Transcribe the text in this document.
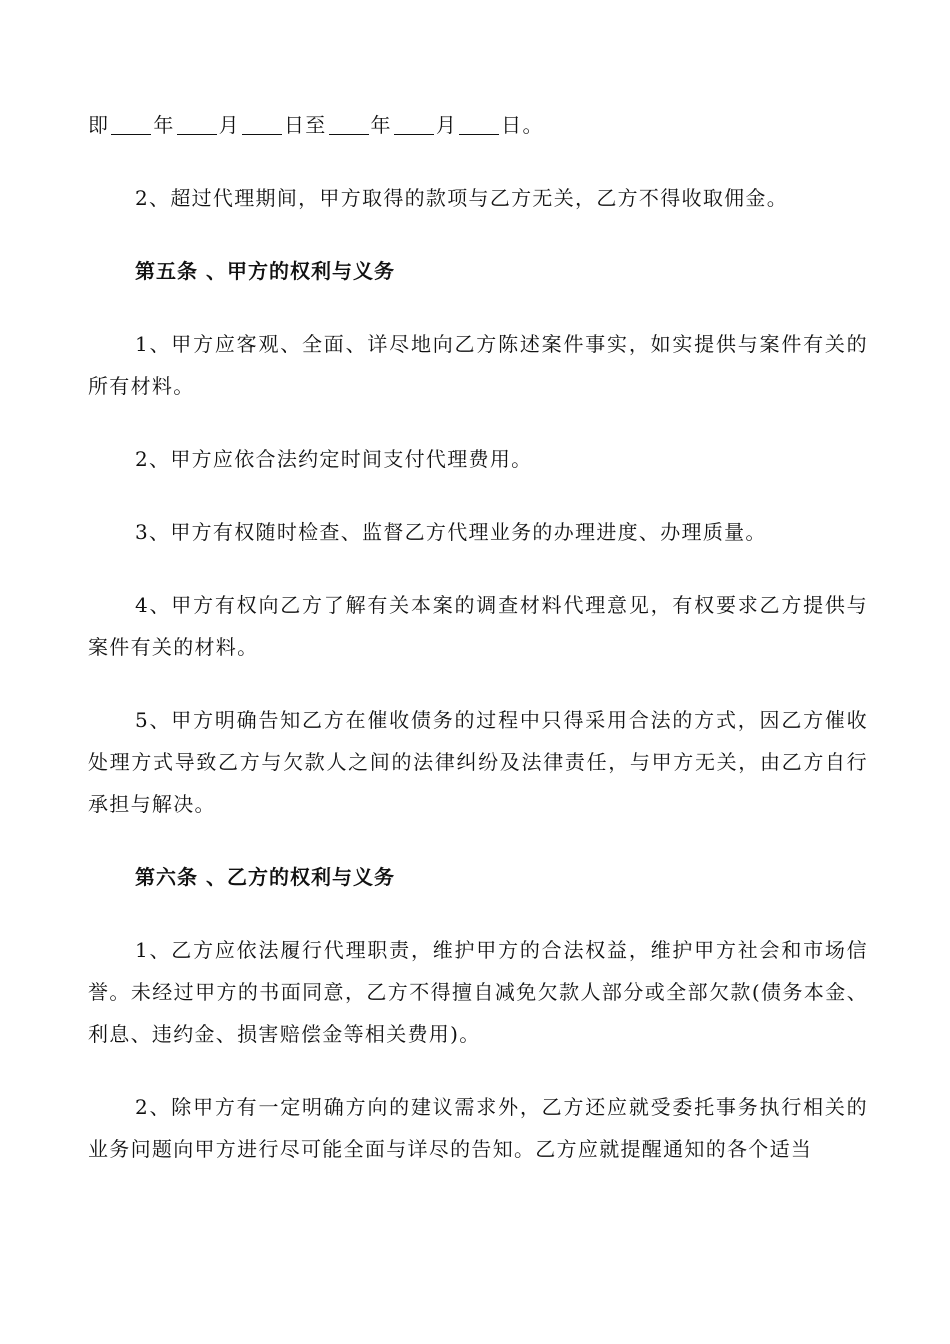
即 年 月 日至 年 月 日。

2、超过代理期间，甲方取得的款项与乙方无关，乙方不得收取佣金。

第五条 、甲方的权利与义务

1、甲方应客观、全面、详尽地向乙方陈述案件事实，如实提供与案件有关的所有材料。

2、甲方应依合法约定时间支付代理费用。

3、甲方有权随时检查、监督乙方代理业务的办理进度、办理质量。

4、甲方有权向乙方了解有关本案的调查材料代理意见，有权要求乙方提供与案件有关的材料。

5、甲方明确告知乙方在催收债务的过程中只得采用合法的方式，因乙方催收处理方式导致乙方与欠款人之间的法律纠纷及法律责任，与甲方无关，由乙方自行承担与解决。

第六条 、乙方的权利与义务

1、乙方应依法履行代理职责，维护甲方的合法权益，维护甲方社会和市场信誉。未经过甲方的书面同意，乙方不得擅自减免欠款人部分或全部欠款(债务本金、利息、违约金、损害赔偿金等相关费用)。

2、除甲方有一定明确方向的建议需求外，乙方还应就受委托事务执行相关的业务问题向甲方进行尽可能全面与详尽的告知。乙方应就提醒通知的各个适当
